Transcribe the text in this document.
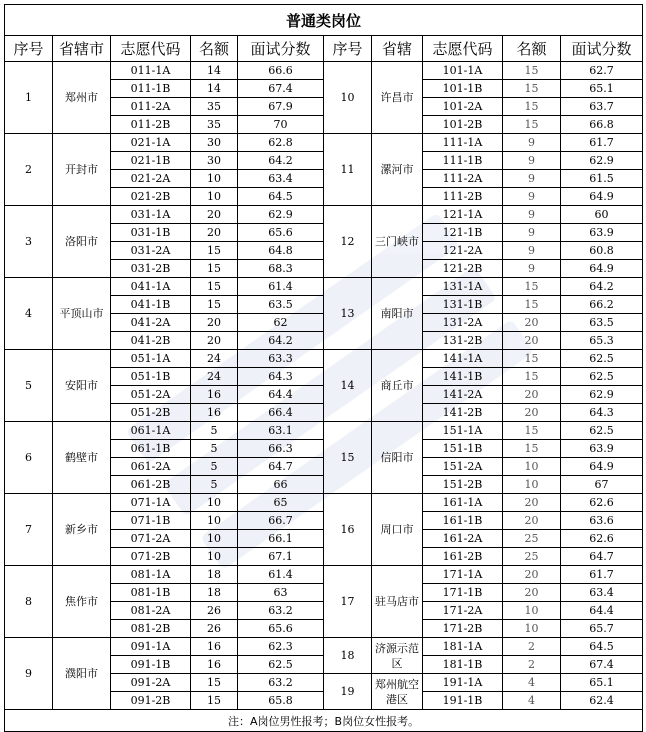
普通类岗位									
序号	省辖市	志愿代码	名额	面试分数	序号	省辖	志愿代码	名额	面试分数
1	郑州市	011-1A	14	66.6	10	许昌市	101-1A	15	62.7
		011-1B	14	67.4			101-1B	15	65.1
		011-2A	35	67.9			101-2A	15	63.7
		011-2B	35	70			101-2B	15	66.8
2	开封市	021-1A	30	62.8	11	漯河市	111-1A	9	61.7
		021-1B	30	64.2			111-1B	9	62.9
		021-2A	10	63.4			111-2A	9	61.5
		021-2B	10	64.5			111-2B	9	64.9
3	洛阳市	031-1A	20	62.9	12	三门峡市	121-1A	9	60
		031-1B	20	65.6			121-1B	9	63.9
		031-2A	15	64.8			121-2A	9	60.8
		031-2B	15	68.3			121-2B	9	64.9
4	平顶山市	041-1A	15	61.4	13	南阳市	131-1A	15	64.2
		041-1B	15	63.5			131-1B	15	66.2
		041-2A	20	62			131-2A	20	63.5
		041-2B	20	64.2			131-2B	20	65.3
5	安阳市	051-1A	24	63.3	14	商丘市	141-1A	15	62.5
		051-1B	24	64.3			141-1B	15	62.5
		051-2A	16	64.4			141-2A	20	62.9
		051-2B	16	66.4			141-2B	20	64.3
6	鹤壁市	061-1A	5	63.1	15	信阳市	151-1A	15	62.5
		061-1B	5	66.3			151-1B	15	63.9
		061-2A	5	64.7			151-2A	10	64.9
		061-2B	5	66			151-2B	10	67
7	新乡市	071-1A	10	65	16	周口市	161-1A	20	62.6
		071-1B	10	66.7			161-1B	20	63.6
		071-2A	10	66.1			161-2A	25	62.6
		071-2B	10	67.1			161-2B	25	64.7
8	焦作市	081-1A	18	61.4	17	驻马店市	171-1A	20	61.7
		081-1B	18	63			171-1B	20	63.4
		081-2A	26	63.2			171-2A	10	64.4
		081-2B	26	65.6			171-2B	10	65.7
9	濮阳市	091-1A	16	62.3	18	济源示范区	181-1A	2	64.5
		091-1B	16	62.5			181-1B	2	67.4
		091-2A	15	63.2	19	郑州航空港区	191-1A	4	65.1
		091-2B	15	65.8			191-1B	4	62.4
注：A岗位男性报考；B岗位女性报考。									
